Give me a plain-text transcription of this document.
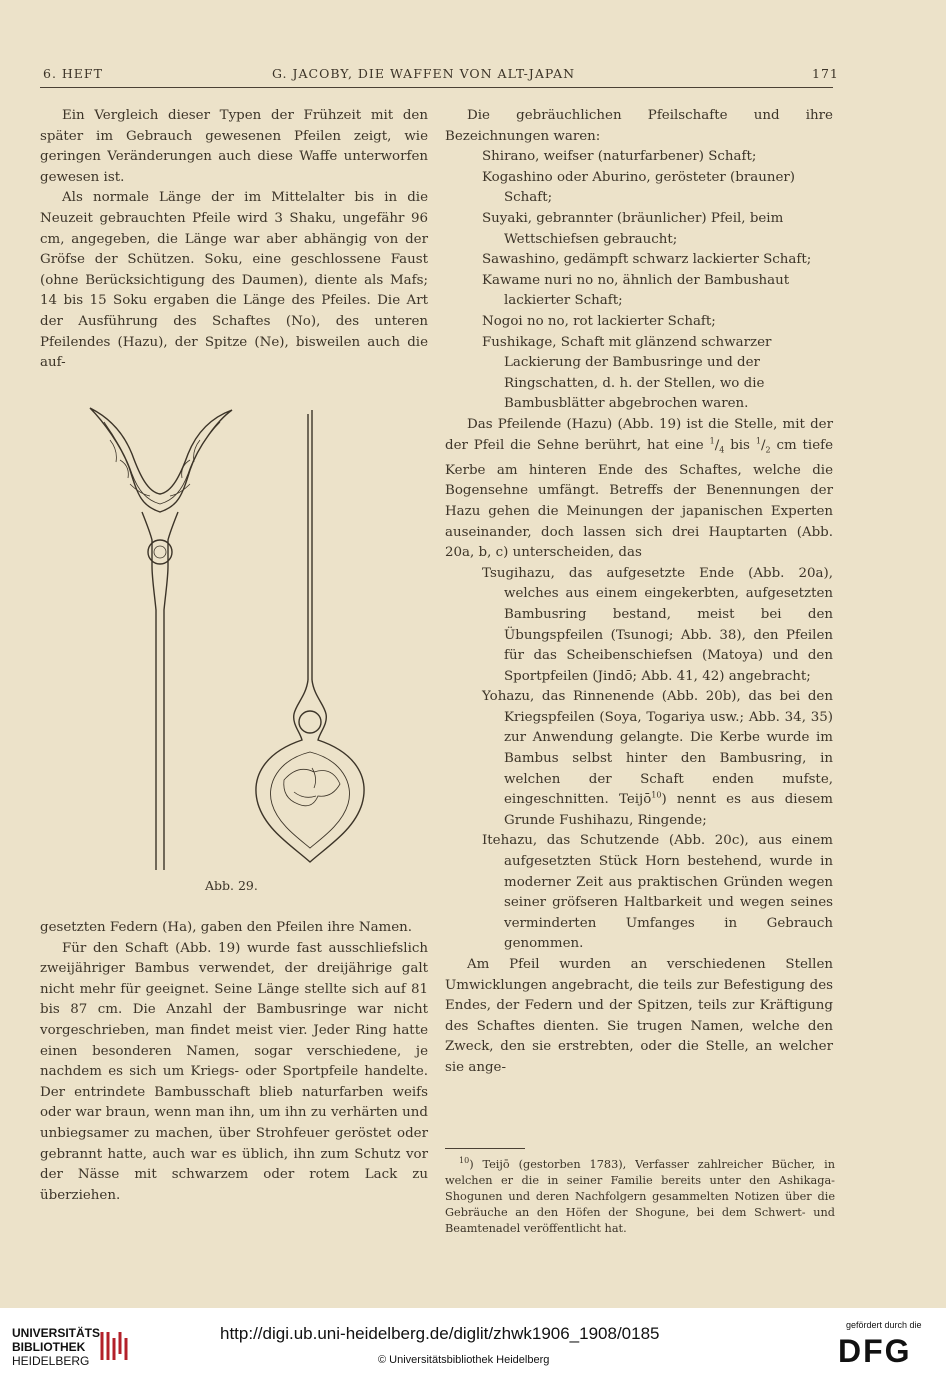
6. HEFT	G. JACOBY, DIE WAFFEN VON ALT-JAPAN	171

Ein Vergleich dieser Typen der Frühzeit mit den später im Gebrauch gewesenen Pfeilen zeigt, wie geringen Veränderungen auch diese Waffe unterworfen gewesen ist.

Als normale Länge der im Mittelalter bis in die Neuzeit gebrauchten Pfeile wird 3 Shaku, ungefähr 96 cm, angegeben, die Länge war aber abhängig von der Gröfse der Schützen. Soku, eine geschlossene Faust (ohne Berücksichtigung des Daumen), diente als Mafs; 14 bis 15 Soku ergaben die Länge des Pfeiles. Die Art der Ausführung des Schaftes (No), des unteren Pfeilendes (Hazu), der Spitze (Ne), bisweilen auch die auf-

Abb. 29.

gesetzten Federn (Ha), gaben den Pfeilen ihre Namen.

Für den Schaft (Abb. 19) wurde fast ausschliefslich zweijähriger Bambus verwendet, der dreijährige galt nicht mehr für geeignet. Seine Länge stellte sich auf 81 bis 87 cm. Die Anzahl der Bambusringe war nicht vorgeschrieben, man findet meist vier. Jeder Ring hatte einen besonderen Namen, sogar verschiedene, je nachdem es sich um Kriegs- oder Sportpfeile handelte. Der entrindete Bambusschaft blieb naturfarben weifs oder war braun, wenn man ihn, um ihn zu verhärten und unbiegsamer zu machen, über Strohfeuer geröstet oder gebrannt hatte, auch war es üblich, ihn zum Schutz vor der Nässe mit schwarzem oder rotem Lack zu überziehen.

Die gebräuchlichen Pfeilschafte und ihre Bezeichnungen waren:

Shirano, weifser (naturfarbener) Schaft;

Kogashino oder Aburino, gerösteter (brauner) Schaft;

Suyaki, gebrannter (bräunlicher) Pfeil, beim Wettschiefsen gebraucht;

Sawashino, gedämpft schwarz lackierter Schaft;

Kawame nuri no no, ähnlich der Bambushaut lackierter Schaft;

Nogoi no no, rot lackierter Schaft;

Fushikage, Schaft mit glänzend schwarzer Lackierung der Bambusringe und der Ringschatten, d. h. der Stellen, wo die Bambusblätter abgebrochen waren.

Das Pfeilende (Hazu) (Abb. 19) ist die Stelle, mit der der Pfeil die Sehne berührt, hat eine $^1/_4$ bis $^1/_2$ cm tiefe Kerbe am hinteren Ende des Schaftes, welche die Bogensehne umfängt. Betreffs der Benennungen der Hazu gehen die Meinungen der japanischen Experten auseinander, doch lassen sich drei Hauptarten (Abb. 20a, b, c) unterscheiden, das

Tsugihazu, das aufgesetzte Ende (Abb. 20a), welches aus einem eingekerbten, aufgesetzten Bambusring bestand, meist bei den Übungspfeilen (Tsunogi; Abb. 38), den Pfeilen für das Scheibenschiefsen (Matoya) und den Sportpfeilen (Jindō; Abb. 41, 42) angebracht;

Yohazu, das Rinnenende (Abb. 20b), das bei den Kriegspfeilen (Soya, Togariya usw.; Abb. 34, 35) zur Anwendung gelangte. Die Kerbe wurde im Bambus selbst hinter den Bambusring, in welchen der Schaft enden mufste, eingeschnitten. Teijō$^{10}$) nennt es aus diesem Grunde Fushihazu, Ringende;

Itehazu, das Schutzende (Abb. 20c), aus einem aufgesetzten Stück Horn bestehend, wurde in moderner Zeit aus praktischen Gründen wegen seiner gröfseren Haltbarkeit und wegen seines verminderten Umfanges in Gebrauch genommen.

Am Pfeil wurden an verschiedenen Stellen Umwicklungen angebracht, die teils zur Befestigung des Endes, der Federn und der Spitzen, teils zur Kräftigung des Schaftes dienten. Sie trugen Namen, welche den Zweck, den sie erstrebten, oder die Stelle, an welcher sie ange-

$^{10}$) Teijō (gestorben 1783), Verfasser zahlreicher Bücher, in welchen er die in seiner Familie bereits unter den Ashikaga-Shogunen und deren Nachfolgern gesammelten Notizen über die Gebräuche an den Höfen der Shogune, bei dem Schwert- und Beamtenadel veröffentlicht hat.
UNIVERSITÄTS-
BIBLIOTHEK
HEIDELBERG
http://digi.ub.uni-heidelberg.de/diglit/zhwk1906_1908/0185
© Universitätsbibliothek Heidelberg
gefördert durch die
DFG
